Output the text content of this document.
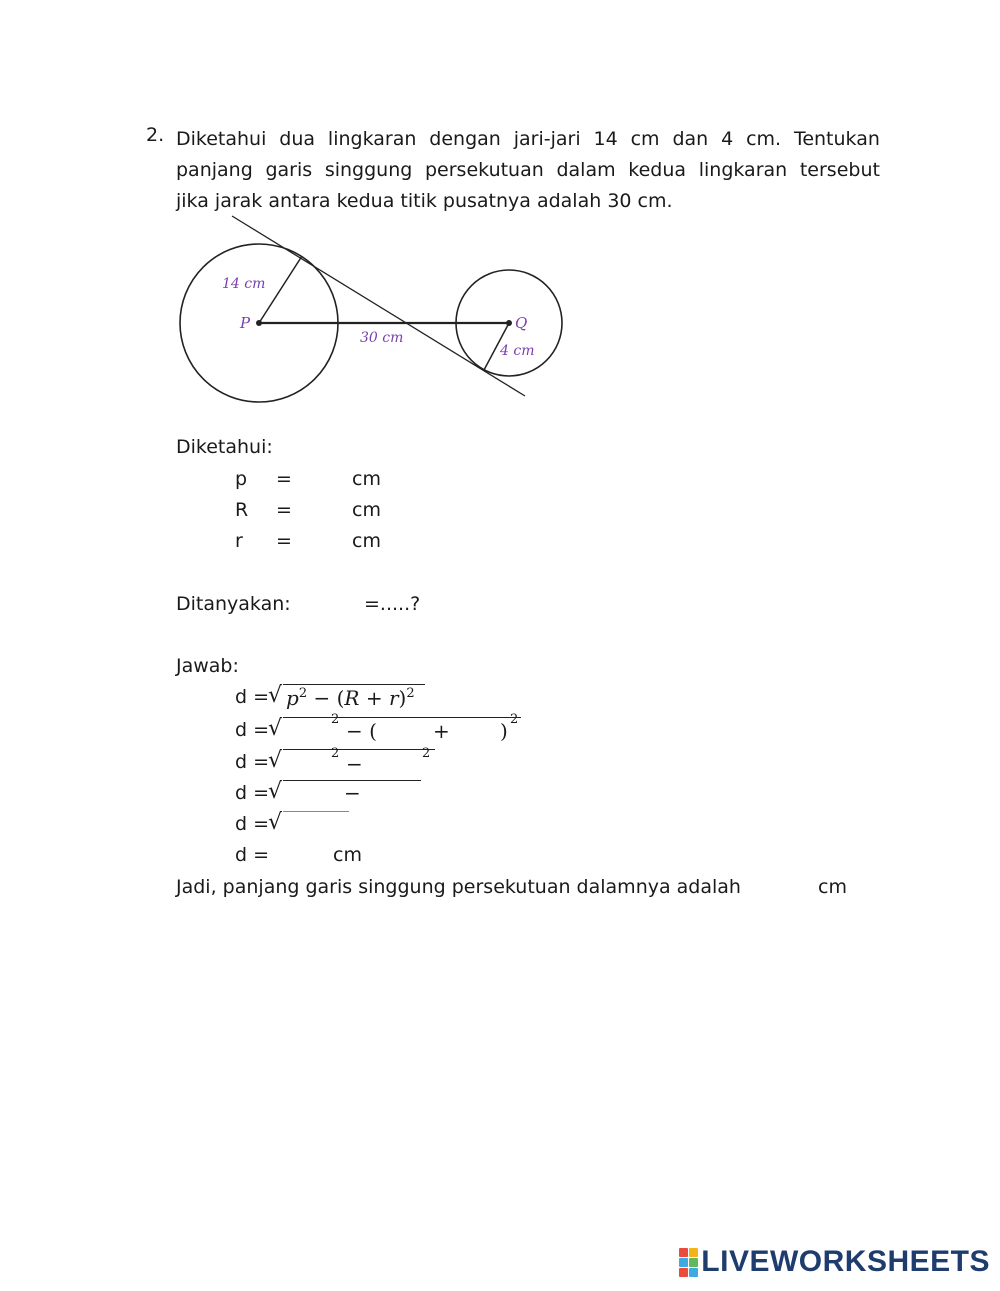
2. Diketahui dua lingkaran dengan jari-jari 14 cm dan 4 cm. Tentukan
panjang garis singgung persekutuan dalam kedua lingkaran tersebut
jika jarak antara kedua titik pusatnya adalah 30 cm.
14 cm
P
30 cm
Q
4 cm
Diketahui:
p =	cm
R =	cm
r =	cm
Ditanyakan:	=.....?
Jawab:
d =
√ $p^2 - (R + r)^2$
d =
√	2 − (	+	) 2
d =
√	2 −	2
d =
√	−
d =
√
d =	cm
Jadi, panjang garis singgung persekutuan dalamnya adalah	cm
LIVEWORKSHEETS
